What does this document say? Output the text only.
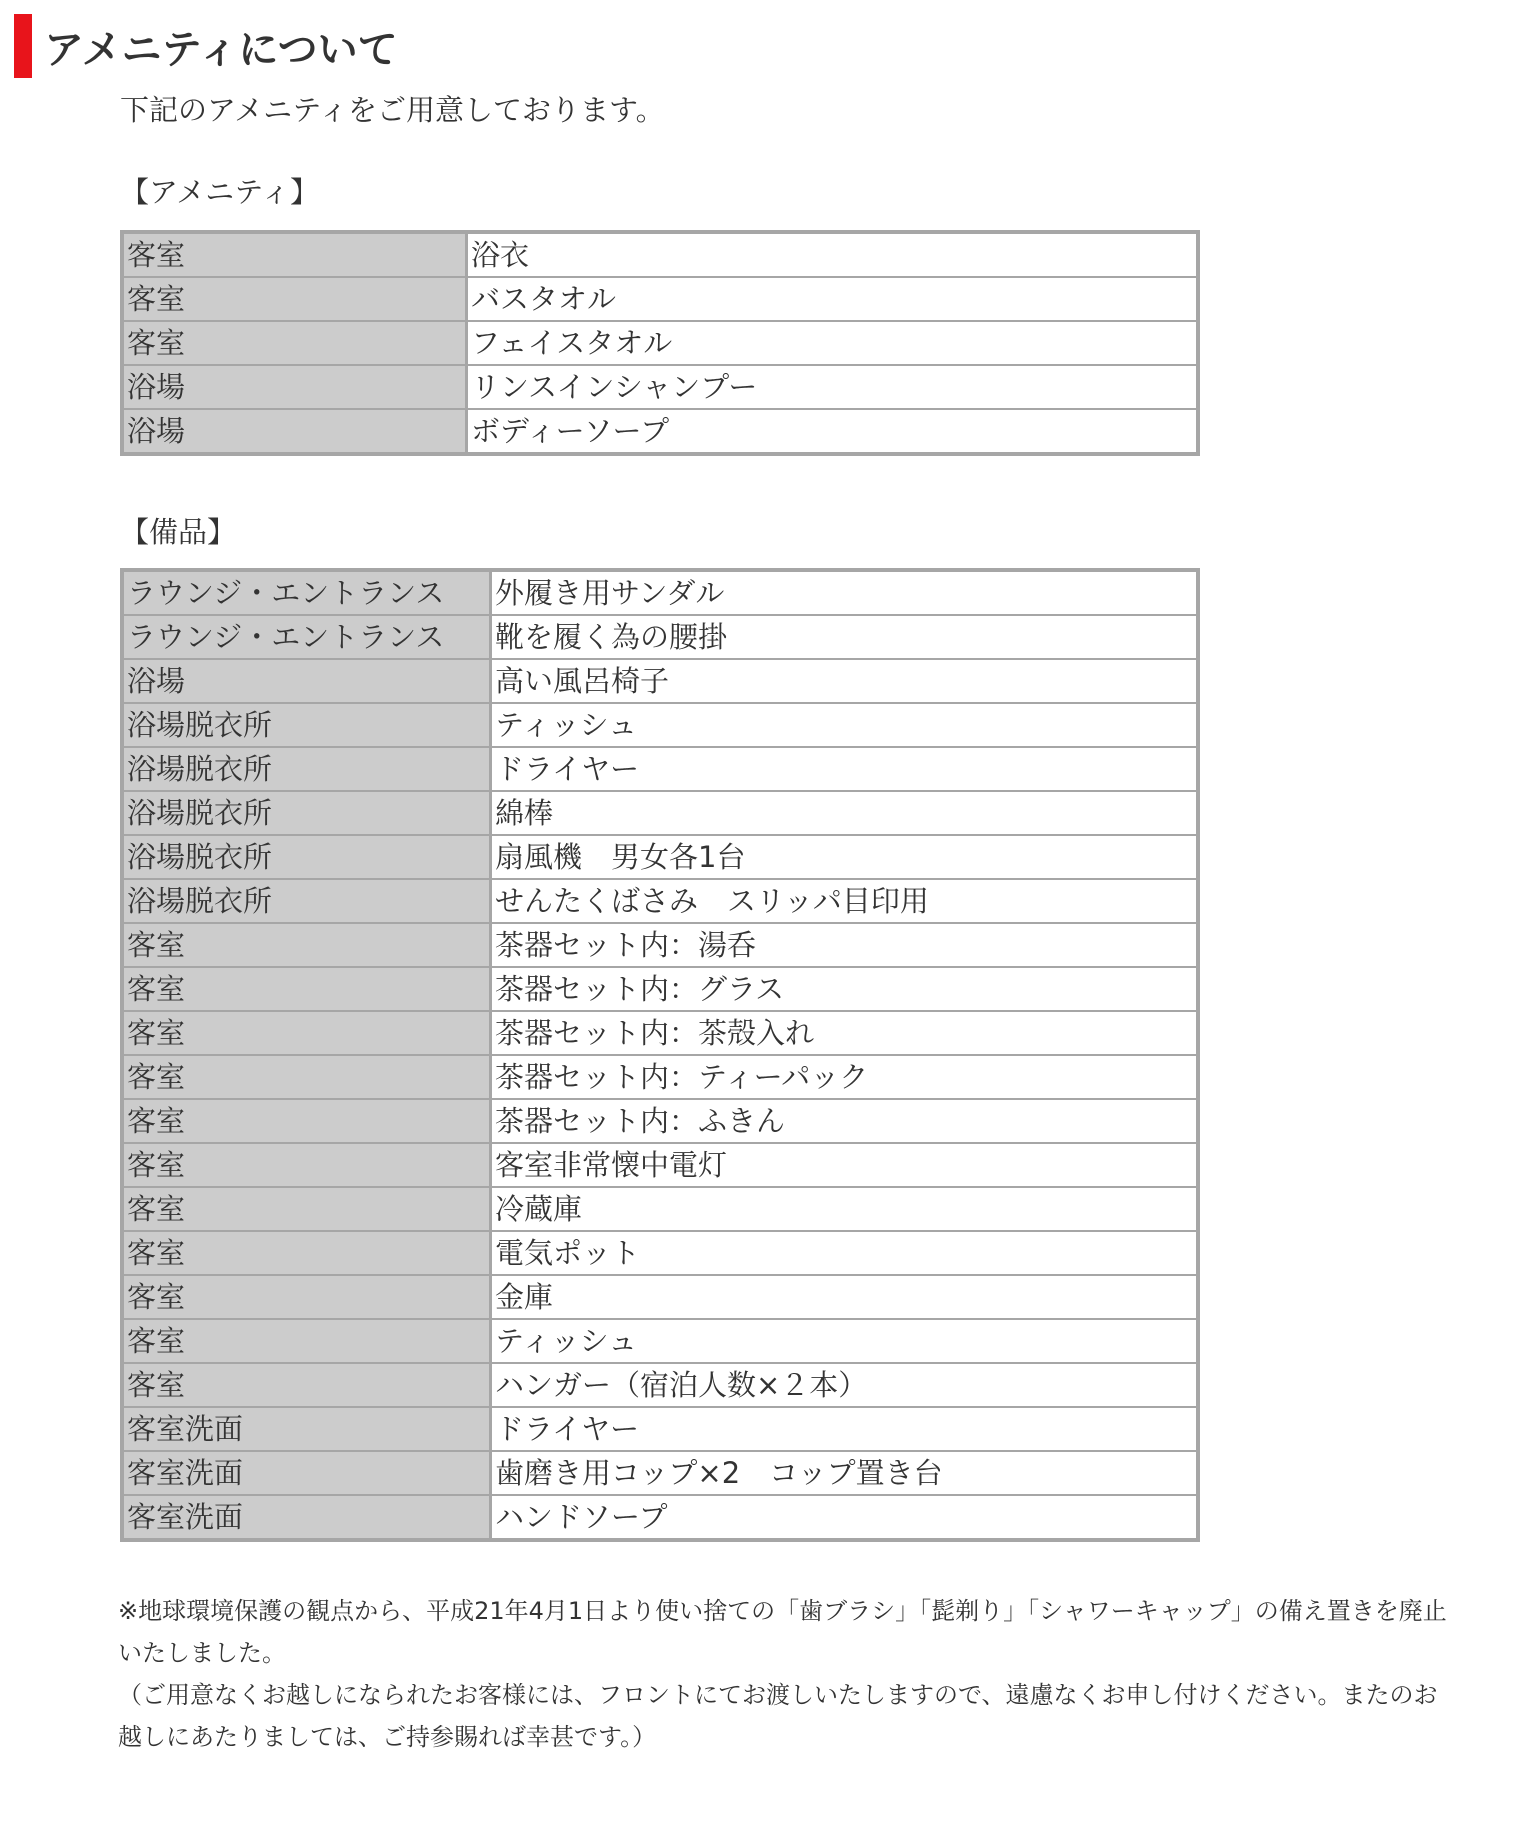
アメニティについて
下記のアメニティをご用意しております。
【アメニティ】
客室	浴衣
客室	バスタオル
客室	フェイスタオル
浴場	リンスインシャンプー
浴場	ボディーソープ
【備品】
ラウンジ・エントランス	外履き用サンダル
ラウンジ・エントランス	靴を履く為の腰掛
浴場	高い風呂椅子
浴場脱衣所	ティッシュ
浴場脱衣所	ドライヤー
浴場脱衣所	綿棒
浴場脱衣所	扇風機　男女各1台
浴場脱衣所	せんたくばさみ　スリッパ目印用
客室	茶器セット内：湯呑
客室	茶器セット内：グラス
客室	茶器セット内：茶殻入れ
客室	茶器セット内：ティーパック
客室	茶器セット内：ふきん
客室	客室非常懐中電灯
客室	冷蔵庫
客室	電気ポット
客室	金庫
客室	ティッシュ
客室	ハンガー（宿泊人数×２本）
客室洗面	ドライヤー
客室洗面	歯磨き用コップ×2　コップ置き台
客室洗面	ハンドソープ

※地球環境保護の観点から、平成21年4月1日より使い捨ての「歯ブラシ」「髭剃り」「シャワーキャップ」の備え置きを廃止いたしました。

（ご用意なくお越しになられたお客様には、フロントにてお渡しいたしますので、遠慮なくお申し付けください。またのお越しにあたりましては、ご持参賜れば幸甚です。）
